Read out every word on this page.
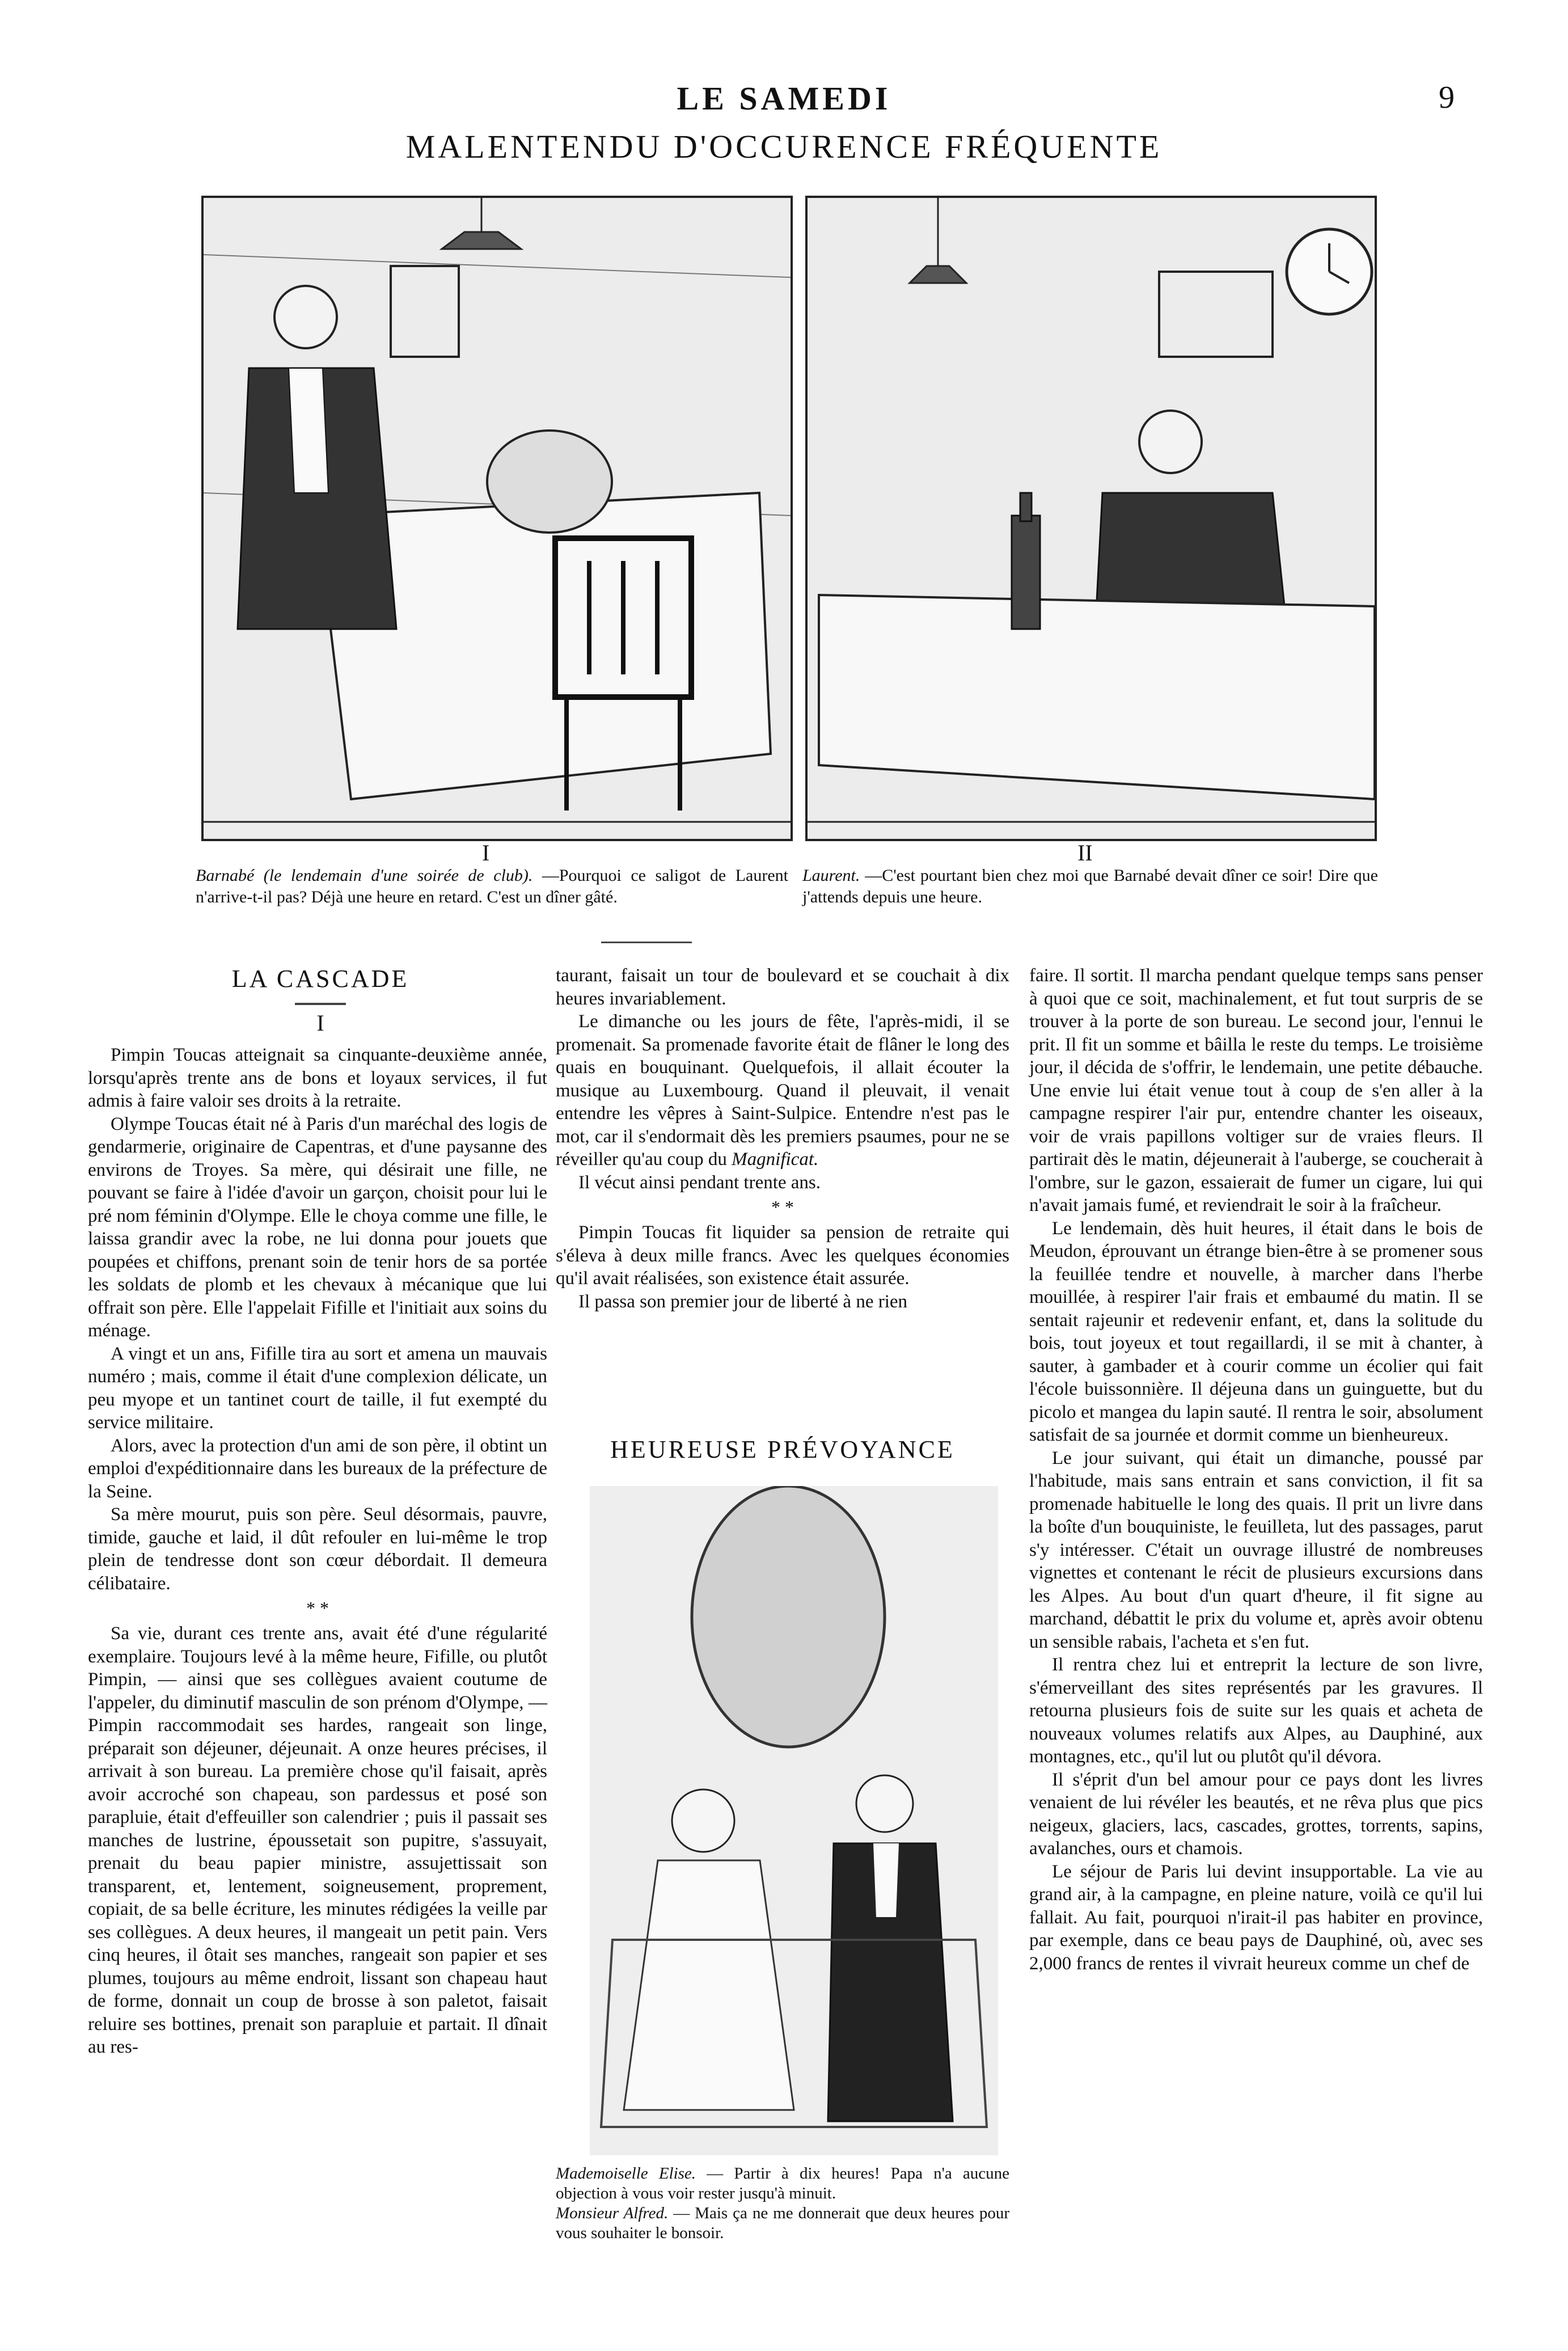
LE SAMEDI	9
MALENTENDU D'OCCURENCE FRÉQUENTE
I	II
Barnabé (le lendemain d'une soirée de club). —Pourquoi ce saligot de Laurent n'arrive-t-il pas? Déjà une heure en retard. C'est un dîner gâté.
Laurent. —C'est pourtant bien chez moi que Barnabé devait dîner ce soir! Dire que j'attends depuis une heure.
LA CASCADE
I

Pimpin Toucas atteignait sa cinquante-deuxième année, lorsqu'après trente ans de bons et loyaux services, il fut admis à faire valoir ses droits à la retraite.

Olympe Toucas était né à Paris d'un maréchal des logis de gendarmerie, originaire de Capentras, et d'une paysanne des environs de Troyes. Sa mère, qui désirait une fille, ne pouvant se faire à l'idée d'avoir un garçon, choisit pour lui le pré nom féminin d'Olympe. Elle le choya comme une fille, le laissa grandir avec la robe, ne lui donna pour jouets que poupées et chiffons, prenant soin de tenir hors de sa portée les soldats de plomb et les chevaux à mécanique que lui offrait son père. Elle l'appelait Fifille et l'initiait aux soins du ménage.

A vingt et un ans, Fifille tira au sort et amena un mauvais numéro ; mais, comme il était d'une complexion délicate, un peu myope et un tantinet court de taille, il fut exempté du service militaire.

Alors, avec la protection d'un ami de son père, il obtint un emploi d'expéditionnaire dans les bureaux de la préfecture de la Seine.

Sa mère mourut, puis son père. Seul désormais, pauvre, timide, gauche et laid, il dût refouler en lui-même le trop plein de tendresse dont son cœur débordait. Il demeura célibataire.

* *

Sa vie, durant ces trente ans, avait été d'une régularité exemplaire. Toujours levé à la même heure, Fifille, ou plutôt Pimpin, — ainsi que ses collègues avaient coutume de l'appeler, du diminutif masculin de son prénom d'Olympe, — Pimpin raccommodait ses hardes, rangeait son linge, préparait son déjeuner, déjeunait. A onze heures précises, il arrivait à son bureau. La première chose qu'il faisait, après avoir accroché son chapeau, son pardessus et posé son parapluie, était d'effeuiller son calendrier ; puis il passait ses manches de lustrine, époussetait son pupitre, s'assuyait, prenait du beau papier ministre, assujettissait son transparent, et, lentement, soigneusement, proprement, copiait, de sa belle écriture, les minutes rédigées la veille par ses collègues. A deux heures, il mangeait un petit pain. Vers cinq heures, il ôtait ses manches, rangeait son papier et ses plumes, toujours au même endroit, lissant son chapeau haut de forme, donnait un coup de brosse à son paletot, faisait reluire ses bottines, prenait son parapluie et partait. Il dînait au res-

taurant, faisait un tour de boulevard et se couchait à dix heures invariablement.

Le dimanche ou les jours de fête, l'après-midi, il se promenait. Sa promenade favorite était de flâner le long des quais en bouquinant. Quelquefois, il allait écouter la musique au Luxembourg. Quand il pleuvait, il venait entendre les vêpres à Saint-Sulpice. Entendre n'est pas le mot, car il s'endormait dès les premiers psaumes, pour ne se réveiller qu'au coup du Magnificat.

Il vécut ainsi pendant trente ans.

* *

Pimpin Toucas fit liquider sa pension de retraite qui s'éleva à deux mille francs. Avec les quelques économies qu'il avait réalisées, son existence était assurée.

Il passa son premier jour de liberté à ne rien

HEUREUSE PRÉVOYANCE
Mademoiselle Elise. — Partir à dix heures! Papa n'a aucune objection à vous voir rester jusqu'à minuit.
Monsieur Alfred. — Mais ça ne me donnerait que deux heures pour vous souhaiter le bonsoir.

faire. Il sortit. Il marcha pendant quelque temps sans penser à quoi que ce soit, machinalement, et fut tout surpris de se trouver à la porte de son bureau. Le second jour, l'ennui le prit. Il fit un somme et bâilla le reste du temps. Le troisième jour, il décida de s'offrir, le lendemain, une petite débauche. Une envie lui était venue tout à coup de s'en aller à la campagne respirer l'air pur, entendre chanter les oiseaux, voir de vrais papillons voltiger sur de vraies fleurs. Il partirait dès le matin, déjeunerait à l'auberge, se coucherait à l'ombre, sur le gazon, essaierait de fumer un cigare, lui qui n'avait jamais fumé, et reviendrait le soir à la fraîcheur.

Le lendemain, dès huit heures, il était dans le bois de Meudon, éprouvant un étrange bien-être à se promener sous la feuillée tendre et nouvelle, à marcher dans l'herbe mouillée, à respirer l'air frais et embaumé du matin. Il se sentait rajeunir et redevenir enfant, et, dans la solitude du bois, tout joyeux et tout regaillardi, il se mit à chanter, à sauter, à gambader et à courir comme un écolier qui fait l'école buissonnière. Il déjeuna dans un guinguette, but du picolo et mangea du lapin sauté. Il rentra le soir, absolument satisfait de sa journée et dormit comme un bienheureux.

Le jour suivant, qui était un dimanche, poussé par l'habitude, mais sans entrain et sans conviction, il fit sa promenade habituelle le long des quais. Il prit un livre dans la boîte d'un bouquiniste, le feuilleta, lut des passages, parut s'y intéresser. C'était un ouvrage illustré de nombreuses vignettes et contenant le récit de plusieurs excursions dans les Alpes. Au bout d'un quart d'heure, il fit signe au marchand, débattit le prix du volume et, après avoir obtenu un sensible rabais, l'acheta et s'en fut.

Il rentra chez lui et entreprit la lecture de son livre, s'émerveillant des sites représentés par les gravures. Il retourna plusieurs fois de suite sur les quais et acheta de nouveaux volumes relatifs aux Alpes, au Dauphiné, aux montagnes, etc., qu'il lut ou plutôt qu'il dévora.

Il s'éprit d'un bel amour pour ce pays dont les livres venaient de lui révéler les beautés, et ne rêva plus que pics neigeux, glaciers, lacs, cascades, grottes, torrents, sapins, avalanches, ours et chamois.

Le séjour de Paris lui devint insupportable. La vie au grand air, à la campagne, en pleine nature, voilà ce qu'il lui fallait. Au fait, pourquoi n'irait-il pas habiter en province, par exemple, dans ce beau pays de Dauphiné, où, avec ses 2,000 francs de rentes il vivrait heureux comme un chef de
